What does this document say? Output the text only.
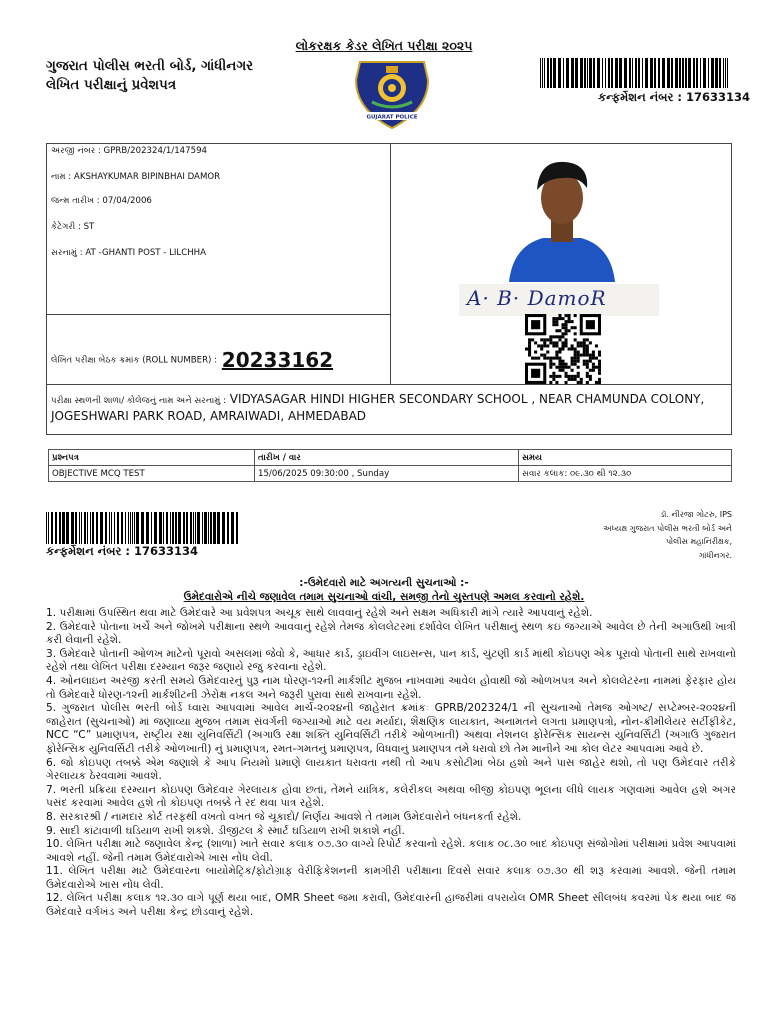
લોકરક્ષક કેડર લેખિત પરીક્ષા ૨૦૨૫
ગુજરાત પોલીસ ભરતી બોર્ડ, ગાંધીનગર
લેખિત પરીક્ષાનું પ્રવેશપત્ર
GUJARAT POLICE
કન્ફર્મેશન નંબર : 17633134
અરજી નંબર : GPRB/202324/1/147594
નામ : AKSHAYKUMAR BIPINBHAI DAMOR
જન્મ તારીખ : 07/04/2006
કેટેગરી : ST
સરનામું : AT -GHANTI POST - LILCHHA
લેખિત પરીક્ષા બેઠક ક્રમાંક (ROLL NUMBER) : 20233162
A· B· DamoR
પરીક્ષા સ્થળની શાળા/ કોલેજનું નામ અને સરનામું : VIDYASAGAR HINDI HIGHER SECONDARY SCHOOL , NEAR CHAMUNDA COLONY, JOGESHWARI PARK ROAD, AMRAIWADI, AHMEDABAD
પ્રશ્નપત્ર	તારીખ / વાર	સમય
OBJECTIVE MCQ TEST	15/06/2025 09:30:00 , Sunday	સવાર કલાક: ૦૯.૩૦ થી ૧૨.૩૦
કન્ફર્મેશન નંબર : 17633134
ડૉ. નીરજા ગોટરુ, IPS
અધ્યક્ષ ગુજરાત પોલીસ ભરતી બોર્ડ અને
પોલીસ મહાનિરીક્ષક,
ગાંધીનગર.
:-ઉમેદવારો માટે અગત્યની સુચનાઓ :-
ઉમેદવારોએ નીચે જણાવેલ તમામ સુચનાઓ વાંચી, સમજી તેનો ચુસ્તપણે અમલ કરવાનો રહેશે.

1. પરીક્ષામાં ઉપસ્થિત થવા માટે ઉમેદવારે આ પ્રવેશપત્ર અચૂક સાથે લાવવાનું રહેશે અને સક્ષમ અધિકારી માંગે ત્યારે આપવાનું રહેશે.

2. ઉમેદવારે પોતાના ખર્ચે અને જોખમે પરીક્ષાના સ્થળે આવવાનું રહેશે તેમજ કોલલેટરમાં દર્શાવેલ લેખિત પરીક્ષાનું સ્થળ કઇ જગ્યાએ આવેલ છે તેની અગાઉથી ખાત્રી કરી લેવાની રહેશે.

3. ઉમેદવારે પોતાની ઓળખ માટેનો પૂરાવો અસલમાં જેવો કે, આધાર કાર્ડ, ડ્રાઇવીંગ લાઇસન્સ, પાન કાર્ડ, ચુંટણી કાર્ડ માંથી કોઇપણ એક પૂરાવો પોતાની સાથે રાખવાનો રહેશે તથા લેખિત પરીક્ષા દરમ્યાન જરૂર જણાયે રજુ કરવાના રહેશે.

4. ઓનલાઇન અરજી કરતી સમયે ઉમેદવારનું પુરૂ નામ ધોરણ-૧૨ની માર્કશીટ મુજબ નાખવામાં આવેલ હોવાથી જો ઓળખપત્ર અને કોલલેટરના નામમાં ફેરફાર હોય તો ઉમેદવારે ધોરણ-૧૨ની માર્કશીટની ઝેરોક્ષ નકલ અને જરૂરી પુરાવા સાથે રાખવાના રહેશે.

5. ગુજરાત પોલીસ ભરતી બોર્ડ ધ્વારા આપવામાં આવેલ માર્ચ-૨૦૨૪ની જાહેરાત ક્રમાંકઃ GPRB/202324/1 ની સુચનાઓ તેમજ ઓગષ્ટ/ સપ્ટેમ્બર-૨૦૨૪ની જાહેરાત (સુચનાઓ) માં જણાવ્યા મુજબ તમામ સંવર્ગની જગ્યાઓ માટે વય મર્યાદા, શૈક્ષણિક લાયકાત, અનામતને લગતા પ્રમાણપત્રો, નોન-ક્રીમીલેયર સર્ટીફીકેટ, NCC “C” પ્રમાણપત્ર, રાષ્ટ્રીય રક્ષા યુનિવર્સિટી (અગાઉ રક્ષા શક્તિ યુનિવર્સિટી તરીકે ઓળખાતી) અથવા નેશનલ ફોરેન્સિક સાયન્સ યુનિવર્સિટી (અગાઉ ગુજરાત ફોરેન્સિક યુનિવર્સિટી તરીકે ઓળખાતી) નું પ્રમાણપત્ર, રમત-ગમતનું પ્રમાણપત્ર, વિધવાનું પ્રમાણપત્ર તમે ધરાવો છો તેમ માનીને આ કોલ લેટર આપવામાં આવે છે.

6. જો કોઇપણ તબક્કે એમ જણાશે કે આપ નિયમો પ્રમાણે લાયકાત ધરાવતા નથી તો આપ કસોટીમાં બેઠા હશો અને પાસ જાહેર થશો, તો પણ ઉમેદવાર તરીકે ગેરલાયક ઠેરવવામાં આવશે.

7. ભરતી પ્રક્રિયા દરમ્યાન કોઇપણ ઉમેદવાર ગેરલાયક હોવા છતાં, તેમને યાંત્રિક, કલેરીકલ અથવા બીજી કોઇપણ ભૂલના લીધે લાયક ગણવામાં આવેલ હશે અગર પસંદ કરવામાં આવેલ હશે તો કોઇપણ તબક્કે તે રદ થવા પાત્ર રહેશે.

8. સરકારશ્રી / નામદાર કોર્ટ તરફથી વખતો વખત જે ચૂકાદો/ નિર્ણય આવશે તે તમામ ઉમેદવારોને બંધનકર્તા રહેશે.

9. સાદી કાંટાવાળી ઘડિયાળ રાખી શકશે. ડીજીટલ કે સ્માર્ટ ઘડિયાળ રાખી શકાશે નહીં.

10. લેખિત પરીક્ષા માટે જણાવેલ કેન્દ્ર (શાળા) ખાતે સવાર કલાક ૦૭.૩૦ વાગ્યે રિપોર્ટ કરવાનો રહેશે. કલાક ૦૮.૩૦ બાદ કોઇપણ સંજોગોમાં પરીક્ષામાં પ્રવેશ આપવામાં આવશે નહીં. જેની તમામ ઉમેદવારોએ ખાસ નોંધ લેવી.

11. લેખિત પરીક્ષા માટે ઉમેદવારના બાયોમેટ્રિક/ફોટોગ્રાફ વેરીફિકેશનની કામગીરી પરીક્ષાના દિવસે સવાર કલાક ૦૭.૩૦ થી શરૂ કરવામાં આવશે. જેની તમામ ઉમેદવારોએ ખાસ નોંધ લેવી.

12. લેખિત પરીક્ષા કલાક ૧૨.૩૦ વાગે પૂર્ણ થયા બાદ, OMR Sheet જમા કરાવી, ઉમેદવારની હાજરીમાં વપરાયેલ OMR Sheet સીલબંધ કવરમાં પેક થયા બાદ જ ઉમેદવારે વર્ગખંડ અને પરીક્ષા કેન્દ્ર છોડવાનું રહેશે.
